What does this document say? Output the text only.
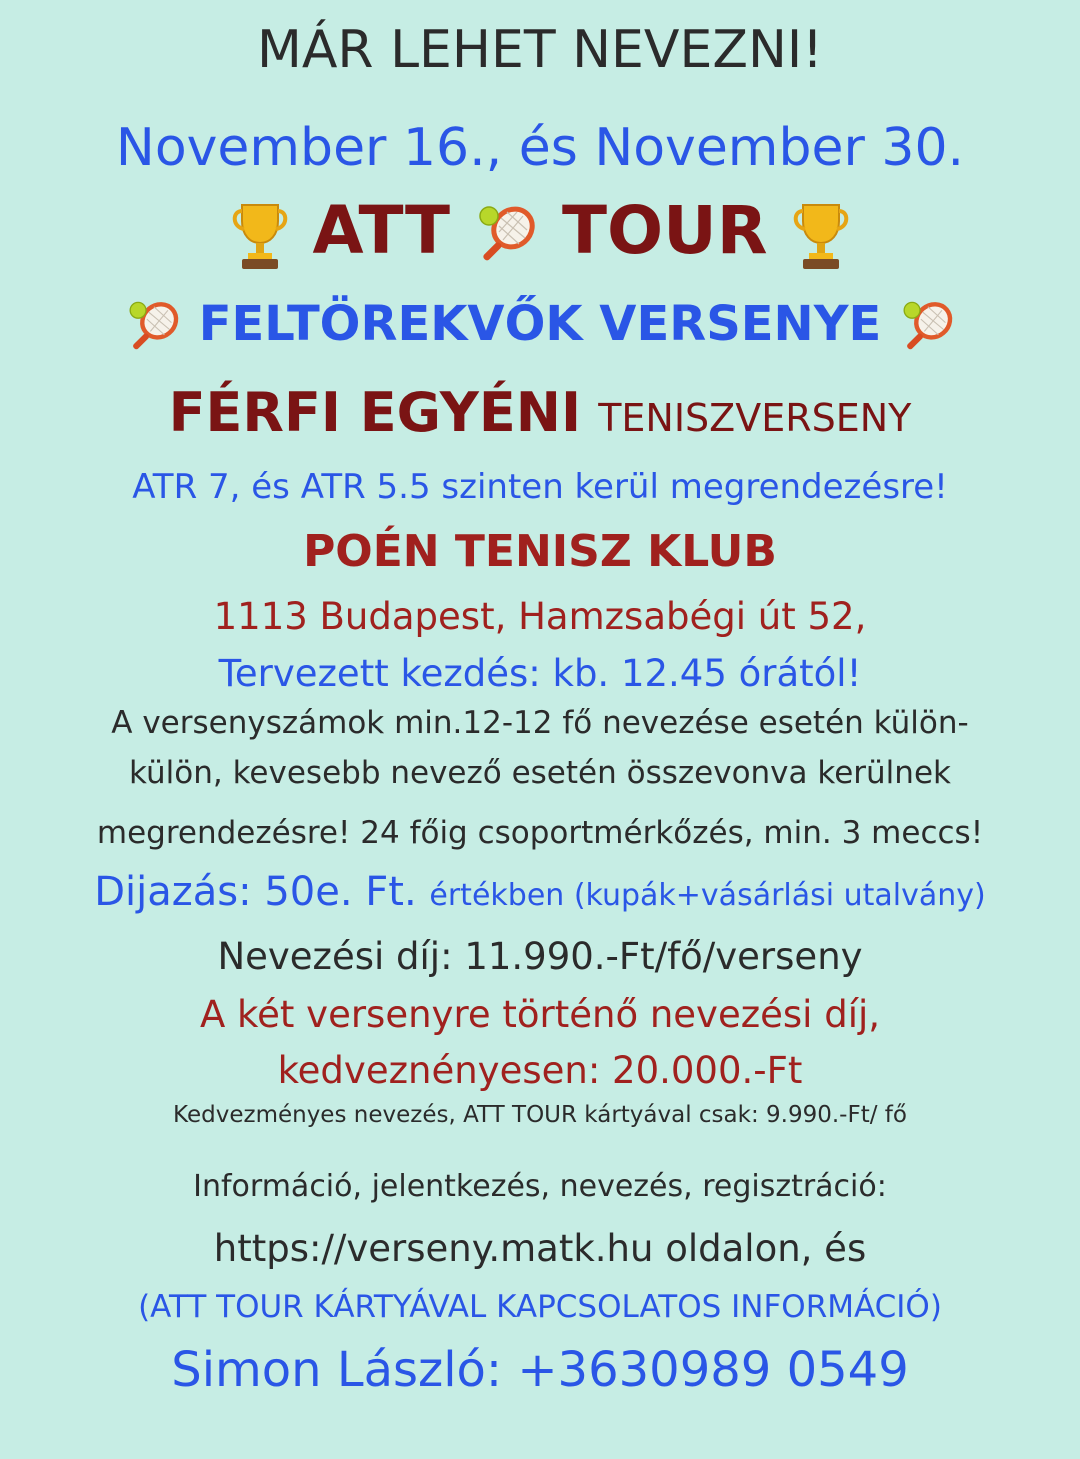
MÁR LEHET NEVEZNI!
November 16., és November 30.
ATT TOUR
FELTÖREKVŐK VERSENYE
FÉRFI EGYÉNI TENISZVERSENY
ATR 7, és ATR 5.5 szinten kerül megrendezésre!
POÉN TENISZ KLUB
1113 Budapest, Hamzsabégi út 52,
Tervezett kezdés: kb. 12.45 órától!
A versenyszámok min.12-12 fő nevezése esetén külön-
külön, kevesebb nevező esetén összevonva kerülnek
megrendezésre! 24 főig csoportmérkőzés, min. 3 meccs!
Dijazás: 50e. Ft. értékben (kupák+vásárlási utalvány)
Nevezési díj: 11.990.-Ft/fő/verseny
A két versenyre történő nevezési díj,
kedveznényesen: 20.000.-Ft
Kedvezményes nevezés, ATT TOUR kártyával csak: 9.990.-Ft/ fő
Információ, jelentkezés, nevezés, regisztráció:
https://verseny.matk.hu oldalon, és
(ATT TOUR KÁRTYÁVAL KAPCSOLATOS INFORMÁCIÓ)
Simon László: +3630989 0549
